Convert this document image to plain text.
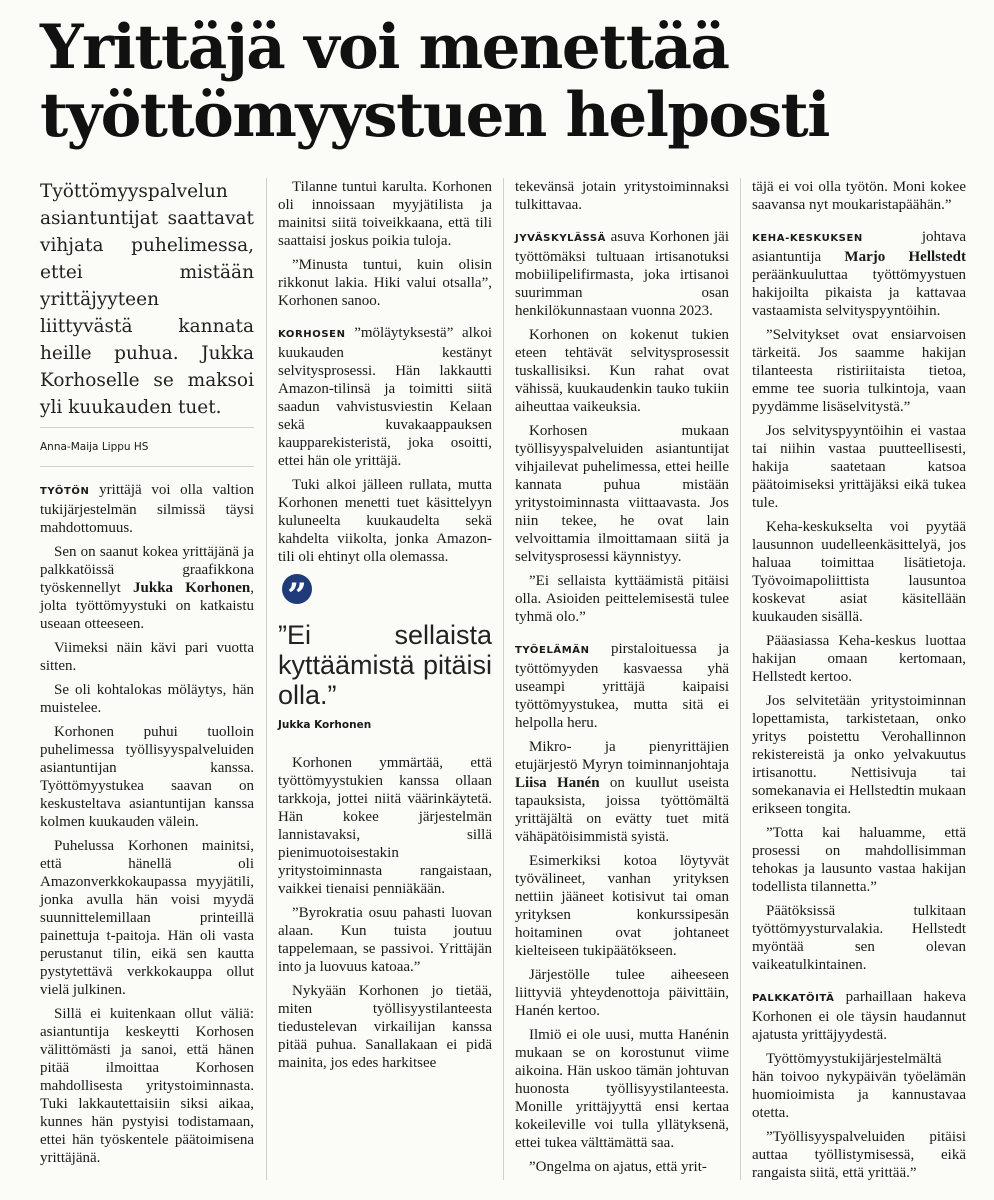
Yrittäjä voi menettää työttömyystuen helposti

Työttömyyspalvelun asiantuntijat saattavat vihjata puhelimessa, ettei mistään yrittäjyyteen liittyvästä kannata heille puhua. Jukka Korhoselle se maksoi yli kuukauden tuet.

Anna-Maija Lippu HS

TYÖTÖN yrittäjä voi olla valtion tukijärjestelmän silmissä täysi mahdottomuus.

Sen on saanut kokea yrittäjänä ja palkkatöissä graafikkona työskennellyt Jukka Korhonen, jolta työttömyystuki on katkaistu useaan otteeseen.

Viimeksi näin kävi pari vuotta sitten.

Se oli kohtalokas möläytys, hän muistelee.

Korhonen puhui tuolloin puhelimessa työllisyyspalveluiden asiantuntijan kanssa. Työttömyystukea saavan on keskusteltava asiantuntijan kanssa kolmen kuukauden välein.

Puhelussa Korhonen mainitsi, että hänellä oli Amazonverkkokaupassa myyjätili, jonka avulla hän voisi myydä suunnittelemillaan printeillä painettuja t-paitoja. Hän oli vasta perustanut tilin, eikä sen kautta pystytettävä verkkokauppa ollut vielä julkinen.

Sillä ei kuitenkaan ollut väliä: asiantuntija keskeytti Korhosen välittömästi ja sanoi, että hänen pitää ilmoittaa Korhosen mahdollisesta yritystoiminnasta. Tuki lakkautettaisiin siksi aikaa, kunnes hän pystyisi todistamaan, ettei hän työskentele päätoimisena yrittäjänä.

Tilanne tuntui karulta. Korhonen oli innoissaan myyjätilista ja mainitsi siitä toiveikkaana, että tili saattaisi joskus poikia tuloja.

”Minusta tuntui, kuin olisin rikkonut lakia. Hiki valui otsalla”, Korhonen sanoo.

KORHOSEN ”möläytyksestä” alkoi kuukauden kestänyt selvitysprosessi. Hän lakkautti Amazon-tilinsä ja toimitti siitä saadun vahvistusviestin Kelaan sekä kuvakaappauksen kaupparekisteristä, joka osoitti, ettei hän ole yrittäjä.

Tuki alkoi jälleen rullata, mutta Korhonen menetti tuet käsittelyyn kuluneelta kuukaudelta sekä kahdelta viikolta, jonka Amazon-tili oli ehtinyt olla olemassa.

”

”Ei sellaista kyttäämistä pitäisi olla.”

Jukka Korhonen

Korhonen ymmärtää, että työttömyystukien kanssa ollaan tarkkoja, jottei niitä väärinkäytetä. Hän kokee järjestelmän lannistavaksi, sillä pienimuotoisestakin yritystoiminnasta rangaistaan, vaikkei tienaisi penniäkään.

”Byrokratia osuu pahasti luovan alaan. Kun tuista joutuu tappelemaan, se passivoi. Yrittäjän into ja luovuus katoaa.”

Nykyään Korhonen jo tietää, miten työllisyystilanteesta tiedustelevan virkailijan kanssa pitää puhua. Sanallakaan ei pidä mainita, jos edes harkitsee

tekevänsä jotain yritystoiminnaksi tulkittavaa.

JYVÄSKYLÄSSÄ asuva Korhonen jäi työttömäksi tultuaan irtisanotuksi mobiilipelifirmasta, joka irtisanoi suurimman osan henkilökunnastaan vuonna 2023.

Korhonen on kokenut tukien eteen tehtävät selvitysprosessit tuskallisiksi. Kun rahat ovat vähissä, kuukaudenkin tauko tukiin aiheuttaa vaikeuksia.

Korhosen mukaan työllisyyspalveluiden asiantuntijat vihjailevat puhelimessa, ettei heille kannata puhua mistään yritystoiminnasta viittaavasta. Jos niin tekee, he ovat lain velvoittamia ilmoittamaan siitä ja selvitysprosessi käynnistyy.

”Ei sellaista kyttäämistä pitäisi olla. Asioiden peittelemisestä tulee tyhmä olo.”

TYÖELÄMÄN pirstaloituessa ja työttömyyden kasvaessa yhä useampi yrittäjä kaipaisi työttömyystukea, mutta sitä ei helpolla heru.

Mikro- ja pienyrittäjien etujärjestö Myryn toiminnanjohtaja Liisa Hanén on kuullut useista tapauksista, joissa työttömältä yrittäjältä on evätty tuet mitä vähäpätöisimmistä syistä.

Esimerkiksi kotoa löytyvät työvälineet, vanhan yrityksen nettiin jääneet kotisivut tai oman yrityksen konkurssipesän hoitaminen ovat johtaneet kielteiseen tukipäätökseen.

Järjestölle tulee aiheeseen liittyviä yhteydenottoja päivittäin, Hanén kertoo.

Ilmiö ei ole uusi, mutta Hanénin mukaan se on korostunut viime aikoina. Hän uskoo tämän johtuvan huonosta työllisyystilanteesta. Monille yrittäjyyttä ensi kertaa kokeileville voi tulla yllätyksenä, ettei tukea välttämättä saa.

”Ongelma on ajatus, että yrit-

täjä ei voi olla työtön. Moni kokee saavansa nyt moukaristapäähän.”

KEHA-KESKUKSEN johtava asiantuntija Marjo Hellstedt peräänkuuluttaa työttömyystuen hakijoilta pikaista ja kattavaa vastaamista selvityspyyntöihin.

”Selvitykset ovat ensiarvoisen tärkeitä. Jos saamme hakijan tilanteesta ristiriitaista tietoa, emme tee suoria tulkintoja, vaan pyydämme lisäselvitystä.”

Jos selvityspyyntöihin ei vastaa tai niihin vastaa puutteellisesti, hakija saatetaan katsoa päätoimiseksi yrittäjäksi eikä tukea tule.

Keha-keskukselta voi pyytää lausunnon uudelleenkäsittelyä, jos haluaa toimittaa lisätietoja. Työvoimapoliittista lausuntoa koskevat asiat käsitellään kuukauden sisällä.

Pääasiassa Keha-keskus luottaa hakijan omaan kertomaan, Hellstedt kertoo.

Jos selvitetään yritystoiminnan lopettamista, tarkistetaan, onko yritys poistettu Verohallinnon rekistereistä ja onko yelvakuutus irtisanottu. Nettisivuja tai somekanavia ei Hellstedtin mukaan erikseen tongita.

”Totta kai haluamme, että prosessi on mahdollisimman tehokas ja lausunto vastaa hakijan todellista tilannetta.”

Päätöksissä tulkitaan työttömyysturvalakia. Hellstedt myöntää sen olevan vaikeatulkintainen.

PALKKATÖITÄ parhaillaan hakeva Korhonen ei ole täysin haudannut ajatusta yrittäjyydestä.

Työttömyystukijärjestelmältä hän toivoo nykypäivän työelämän huomioimista ja kannustavaa otetta.

”Työllisyyspalveluiden pitäisi auttaa työllistymisessä, eikä rangaista siitä, että yrittää.”
